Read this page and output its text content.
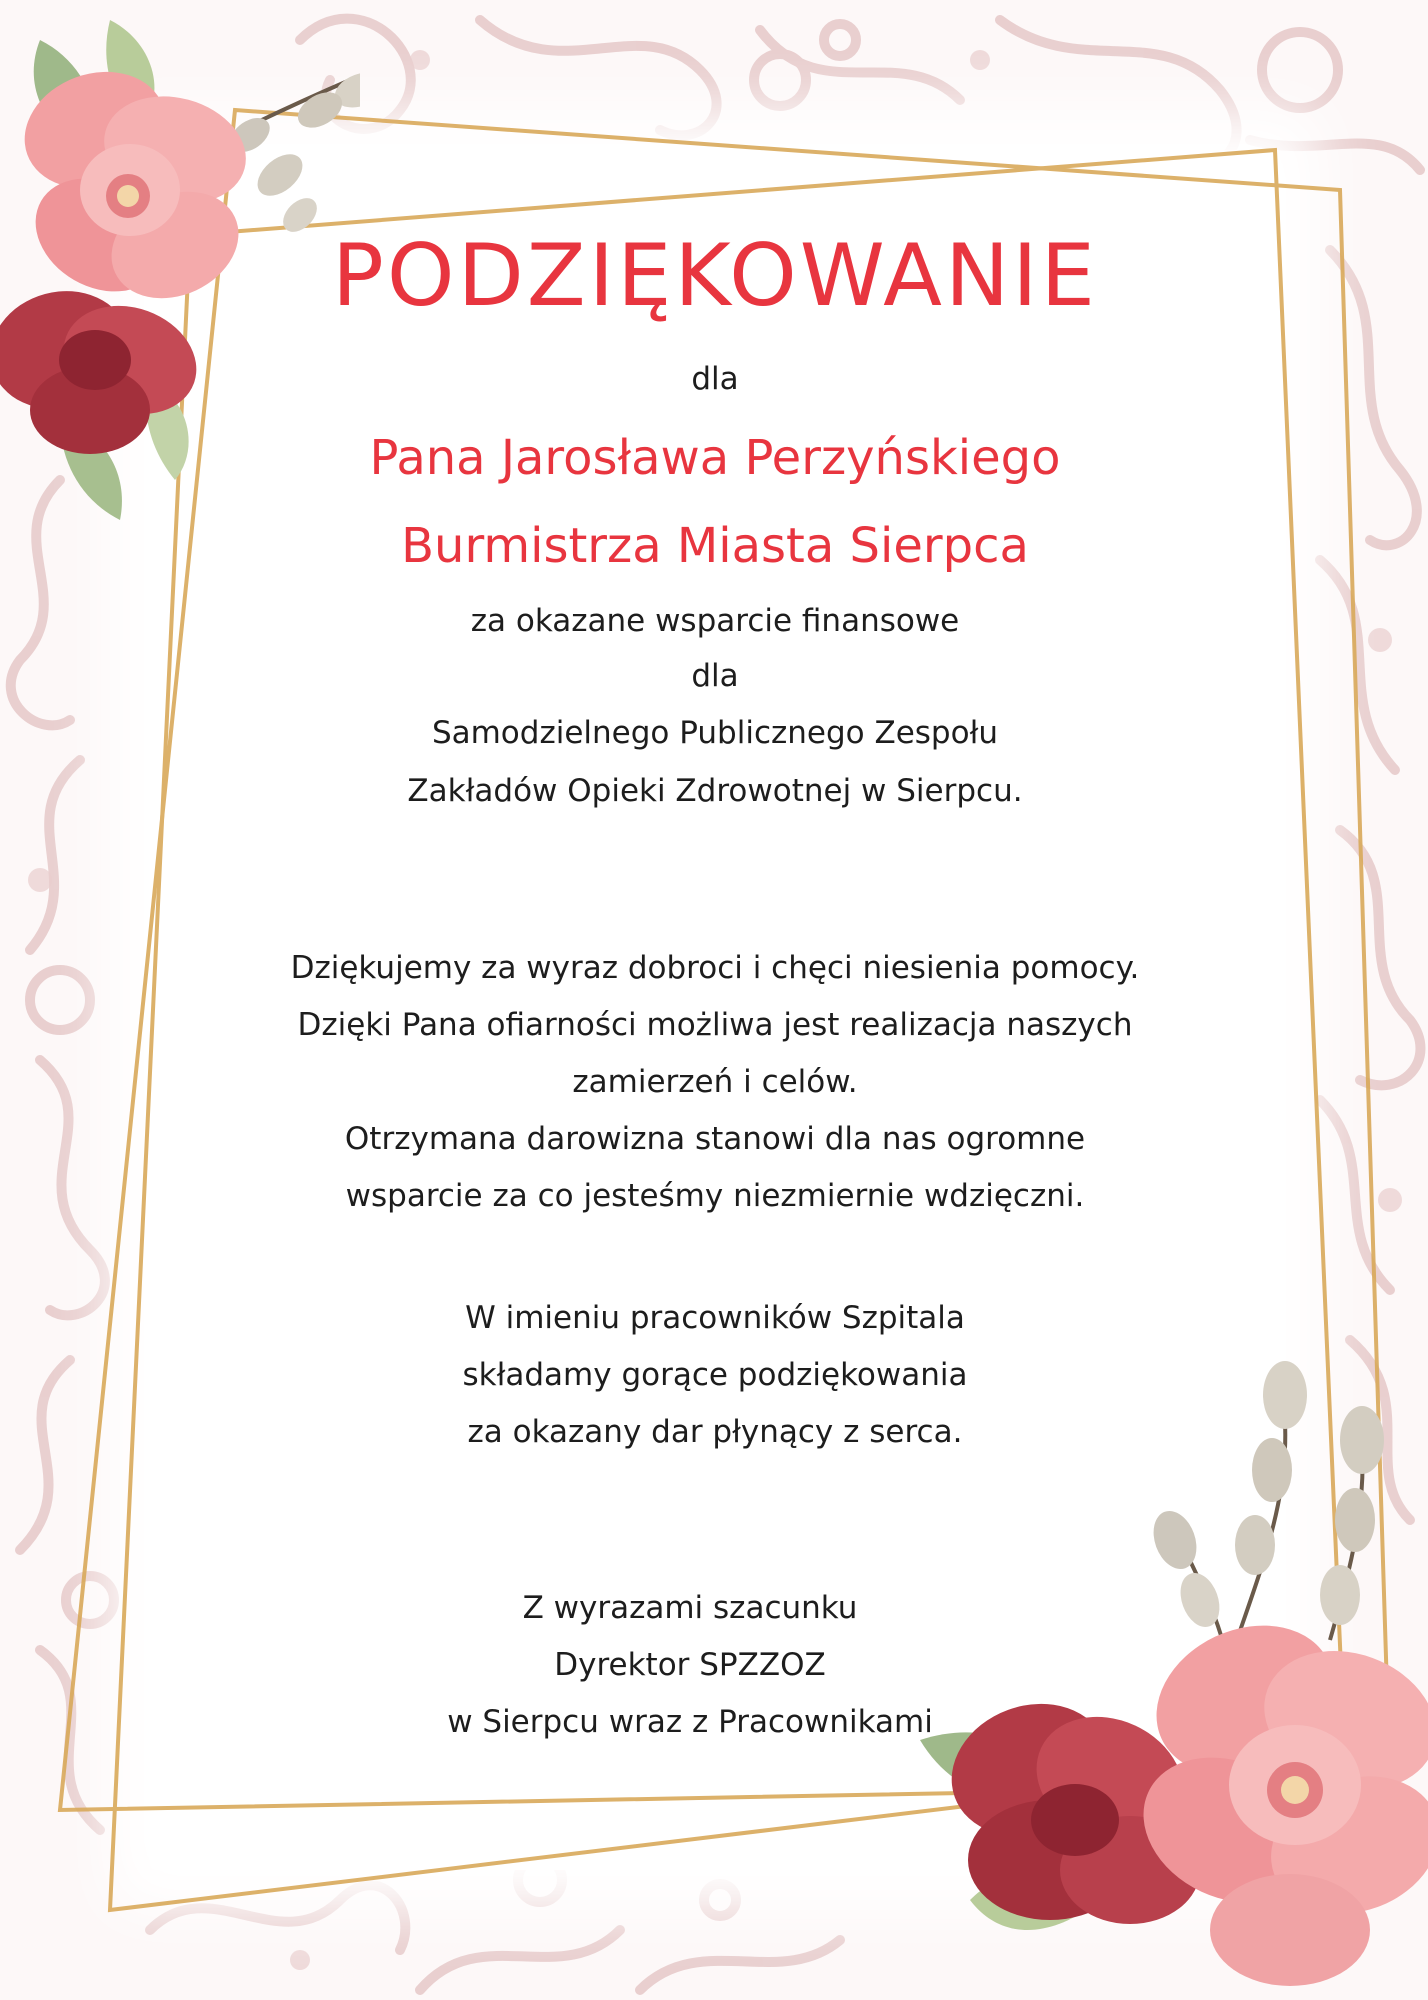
PODZIĘKOWANIE
dla
Pana Jarosława Perzyńskiego
Burmistrza Miasta Sierpca
za okazane wsparcie finansowe
dla
Samodzielnego Publicznego Zespołu
Zakładów Opieki Zdrowotnej w Sierpcu.
Dziękujemy za wyraz dobroci i chęci niesienia pomocy.
Dzięki Pana ofiarności możliwa jest realizacja naszych
zamierzeń i celów.
Otrzymana darowizna stanowi dla nas ogromne
wsparcie za co jesteśmy niezmiernie wdzięczni.
W imieniu pracowników Szpitala
składamy gorące podziękowania
za okazany dar płynący z serca.
Z wyrazami szacunku
Dyrektor SPZZOZ
w Sierpcu wraz z Pracownikami
